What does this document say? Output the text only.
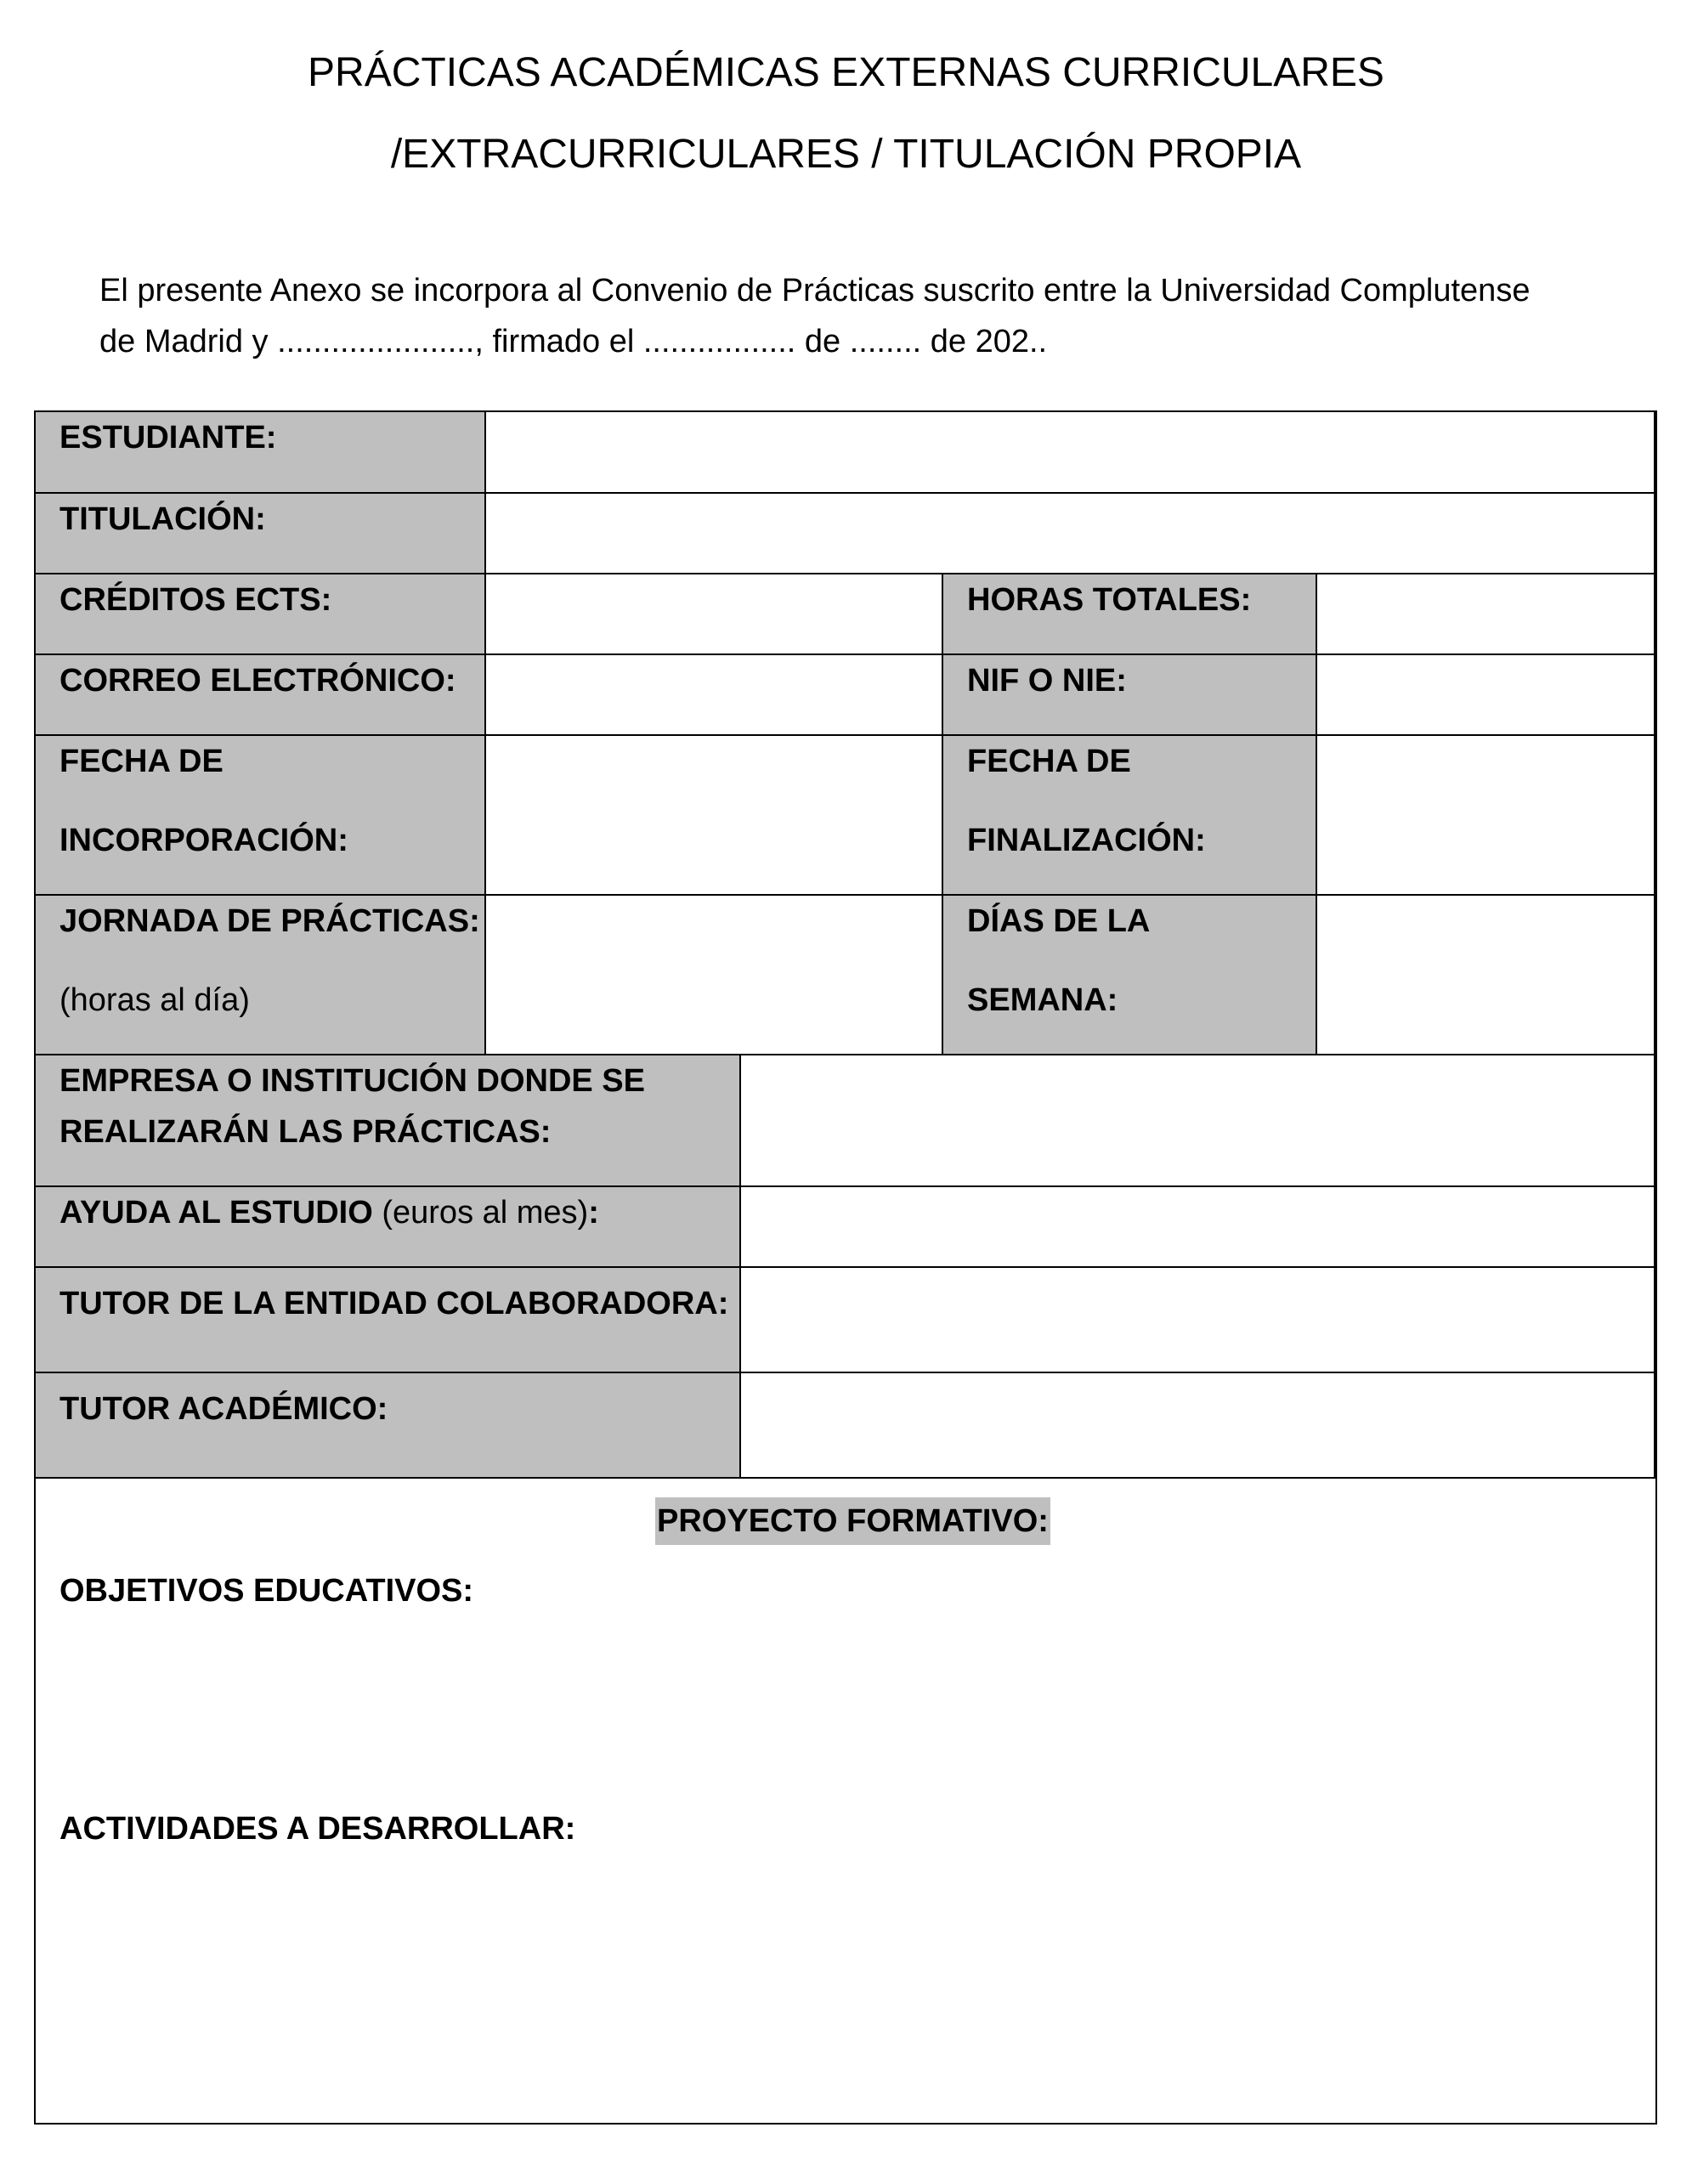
PRÁCTICAS ACADÉMICAS EXTERNAS CURRICULARES
/EXTRACURRICULARES / TITULACIÓN PROPIA
El presente Anexo se incorpora al Convenio de Prácticas suscrito entre la Universidad Complutense
de Madrid y ......................, firmado el ................. de ........ de 202..
ESTUDIANTE:
TITULACIÓN:
CRÉDITOS ECTS:	HORAS TOTALES:
CORREO ELECTRÓNICO:	NIF O NIE:
FECHA DE
INCORPORACIÓN:
FECHA DE
FINALIZACIÓN:
JORNADA DE PRÁCTICAS:
(horas al día)
DÍAS DE LA
SEMANA:
EMPRESA O INSTITUCIÓN DONDE SE
REALIZARÁN LAS PRÁCTICAS:
AYUDA AL ESTUDIO (euros al mes):
TUTOR DE LA ENTIDAD COLABORADORA:
TUTOR ACADÉMICO:
PROYECTO FORMATIVO:
OBJETIVOS EDUCATIVOS:
ACTIVIDADES A DESARROLLAR:
